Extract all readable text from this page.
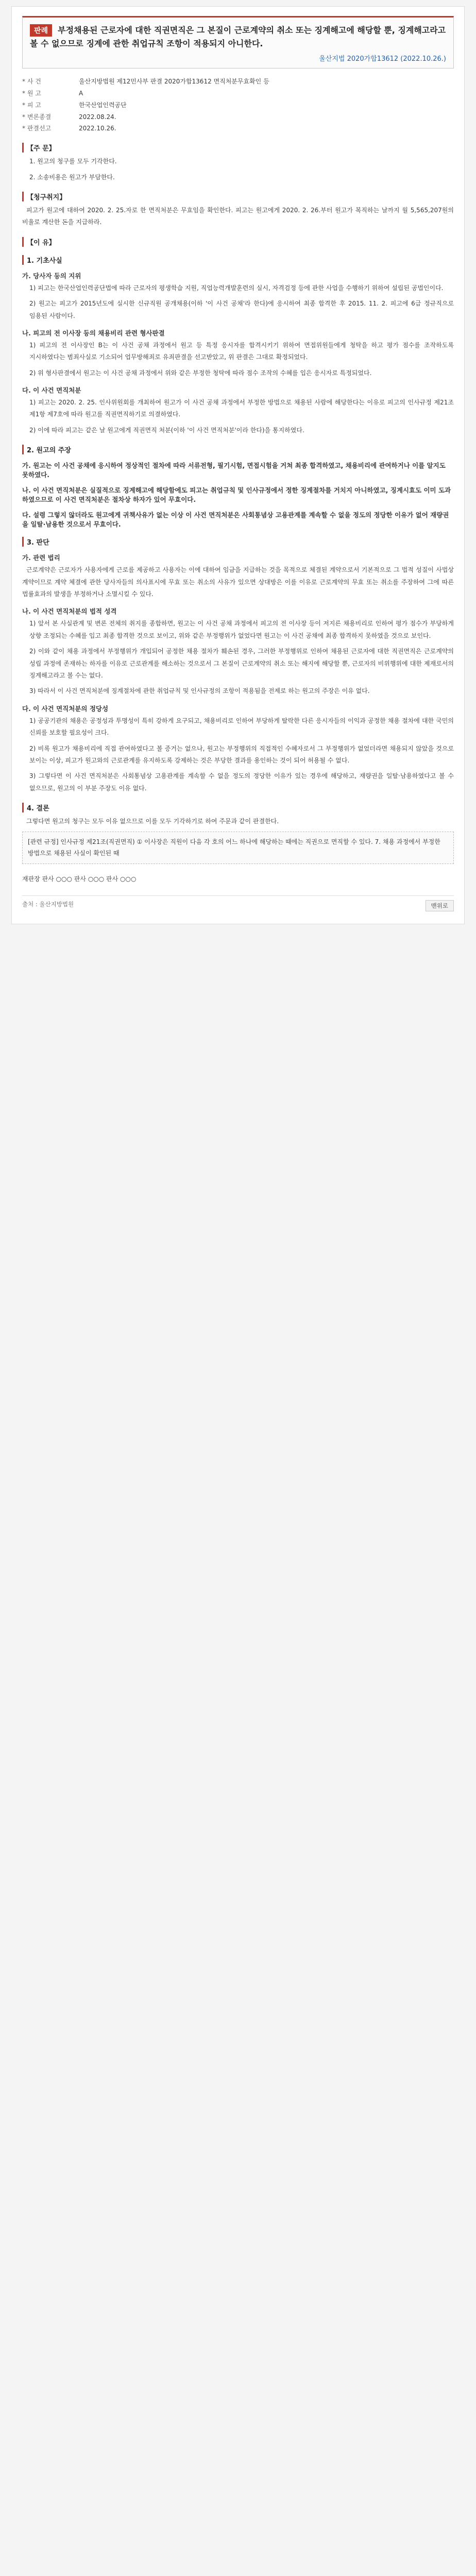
판례 부정채용된 근로자에 대한 직권면직은 그 본질이 근로계약의 취소 또는 징계해고에 해당할 뿐, 징계해고라고 볼 수 없으므로 징계에 관한 취업규칙 조항이 적용되지 아니한다.
울산지법 2020가합13612 (2022.10.26.)
* 사 건	울산지방법원 제12민사부 판결 2020가합13612 면직처분무효확인 등
* 원 고	A
* 피 고	한국산업인력공단
* 변론종결	2022.08.24.
* 판결선고	2022.10.26.
【주 문】

1. 원고의 청구를 모두 기각한다.

2. 소송비용은 원고가 부담한다.

【청구취지】

피고가 원고에 대하여 2020. 2. 25.자로 한 면직처분은 무효임을 확인한다. 피고는 원고에게 2020. 2. 26.부터 원고가 복직하는 날까지 월 5,565,207원의 비율로 계산한 돈을 지급하라.

【이 유】
1. 기초사실

가. 당사자 등의 지위

1) 피고는 한국산업인력공단법에 따라 근로자의 평생학습 지원, 직업능력개발훈련의 실시, 자격검정 등에 관한 사업을 수행하기 위하여 설립된 공법인이다.

2) 원고는 피고가 2015년도에 실시한 신규직원 공개채용(이하 '이 사건 공채'라 한다)에 응시하여 최종 합격한 후 2015. 11. 2. 피고에 6급 정규직으로 임용된 사람이다.

나. 피고의 전 이사장 등의 채용비리 관련 형사판결

1) 피고의 전 이사장인 B는 이 사건 공채 과정에서 원고 등 특정 응시자를 합격시키기 위하여 면접위원들에게 청탁을 하고 평가 점수를 조작하도록 지시하였다는 범죄사실로 기소되어 업무방해죄로 유죄판결을 선고받았고, 위 판결은 그대로 확정되었다.

2) 위 형사판결에서 원고는 이 사건 공채 과정에서 위와 같은 부정한 청탁에 따라 점수 조작의 수혜를 입은 응시자로 특정되었다.

다. 이 사건 면직처분

1) 피고는 2020. 2. 25. 인사위원회를 개최하여 원고가 이 사건 공채 과정에서 부정한 방법으로 채용된 사람에 해당한다는 이유로 피고의 인사규정 제21조 제1항 제7호에 따라 원고를 직권면직하기로 의결하였다.

2) 이에 따라 피고는 같은 날 원고에게 직권면직 처분(이하 '이 사건 면직처분'이라 한다)을 통지하였다.

2. 원고의 주장

가. 원고는 이 사건 공채에 응시하여 정상적인 절차에 따라 서류전형, 필기시험, 면접시험을 거쳐 최종 합격하였고, 채용비리에 관여하거나 이를 알지도 못하였다.

나. 이 사건 면직처분은 실질적으로 징계해고에 해당함에도 피고는 취업규칙 및 인사규정에서 정한 징계절차를 거치지 아니하였고, 징계시효도 이미 도과하였으므로 이 사건 면직처분은 절차상 하자가 있어 무효이다.

다. 설령 그렇지 않더라도 원고에게 귀책사유가 없는 이상 이 사건 면직처분은 사회통념상 고용관계를 계속할 수 없을 정도의 정당한 이유가 없어 재량권을 일탈·남용한 것으로서 무효이다.

3. 판단

가. 관련 법리

근로계약은 근로자가 사용자에게 근로를 제공하고 사용자는 이에 대하여 임금을 지급하는 것을 목적으로 체결된 계약으로서 기본적으로 그 법적 성질이 사법상 계약이므로 계약 체결에 관한 당사자들의 의사표시에 무효 또는 취소의 사유가 있으면 상대방은 이를 이유로 근로계약의 무효 또는 취소를 주장하여 그에 따른 법률효과의 발생을 부정하거나 소멸시킬 수 있다.

나. 이 사건 면직처분의 법적 성격

1) 앞서 본 사실관계 및 변론 전체의 취지를 종합하면, 원고는 이 사건 공채 과정에서 피고의 전 이사장 등이 저지른 채용비리로 인하여 평가 점수가 부당하게 상향 조정되는 수혜를 입고 최종 합격한 것으로 보이고, 위와 같은 부정행위가 없었다면 원고는 이 사건 공채에 최종 합격하지 못하였을 것으로 보인다.

2) 이와 같이 채용 과정에서 부정행위가 개입되어 공정한 채용 절차가 훼손된 경우, 그러한 부정행위로 인하여 채용된 근로자에 대한 직권면직은 근로계약의 성립 과정에 존재하는 하자를 이유로 근로관계를 해소하는 것으로서 그 본질이 근로계약의 취소 또는 해지에 해당할 뿐, 근로자의 비위행위에 대한 제재로서의 징계해고라고 볼 수는 없다.

3) 따라서 이 사건 면직처분에 징계절차에 관한 취업규칙 및 인사규정의 조항이 적용됨을 전제로 하는 원고의 주장은 이유 없다.

다. 이 사건 면직처분의 정당성

1) 공공기관의 채용은 공정성과 투명성이 특히 강하게 요구되고, 채용비리로 인하여 부당하게 탈락한 다른 응시자들의 이익과 공정한 채용 절차에 대한 국민의 신뢰를 보호할 필요성이 크다.

2) 비록 원고가 채용비리에 직접 관여하였다고 볼 증거는 없으나, 원고는 부정행위의 직접적인 수혜자로서 그 부정행위가 없었더라면 채용되지 않았을 것으로 보이는 이상, 피고가 원고와의 근로관계를 유지하도록 강제하는 것은 부당한 결과를 용인하는 것이 되어 허용될 수 없다.

3) 그렇다면 이 사건 면직처분은 사회통념상 고용관계를 계속할 수 없을 정도의 정당한 이유가 있는 경우에 해당하고, 재량권을 일탈·남용하였다고 볼 수 없으므로, 원고의 이 부분 주장도 이유 없다.

4. 결론

그렇다면 원고의 청구는 모두 이유 없으므로 이를 모두 기각하기로 하여 주문과 같이 판결한다.

[관련 규정] 인사규정 제21조(직권면직) ① 이사장은 직원이 다음 각 호의 어느 하나에 해당하는 때에는 직권으로 면직할 수 있다. 7. 채용 과정에서 부정한 방법으로 채용된 사실이 확인된 때
재판장 판사 ○○○ 판사 ○○○ 판사 ○○○
출처 : 울산지방법원	맨위로
